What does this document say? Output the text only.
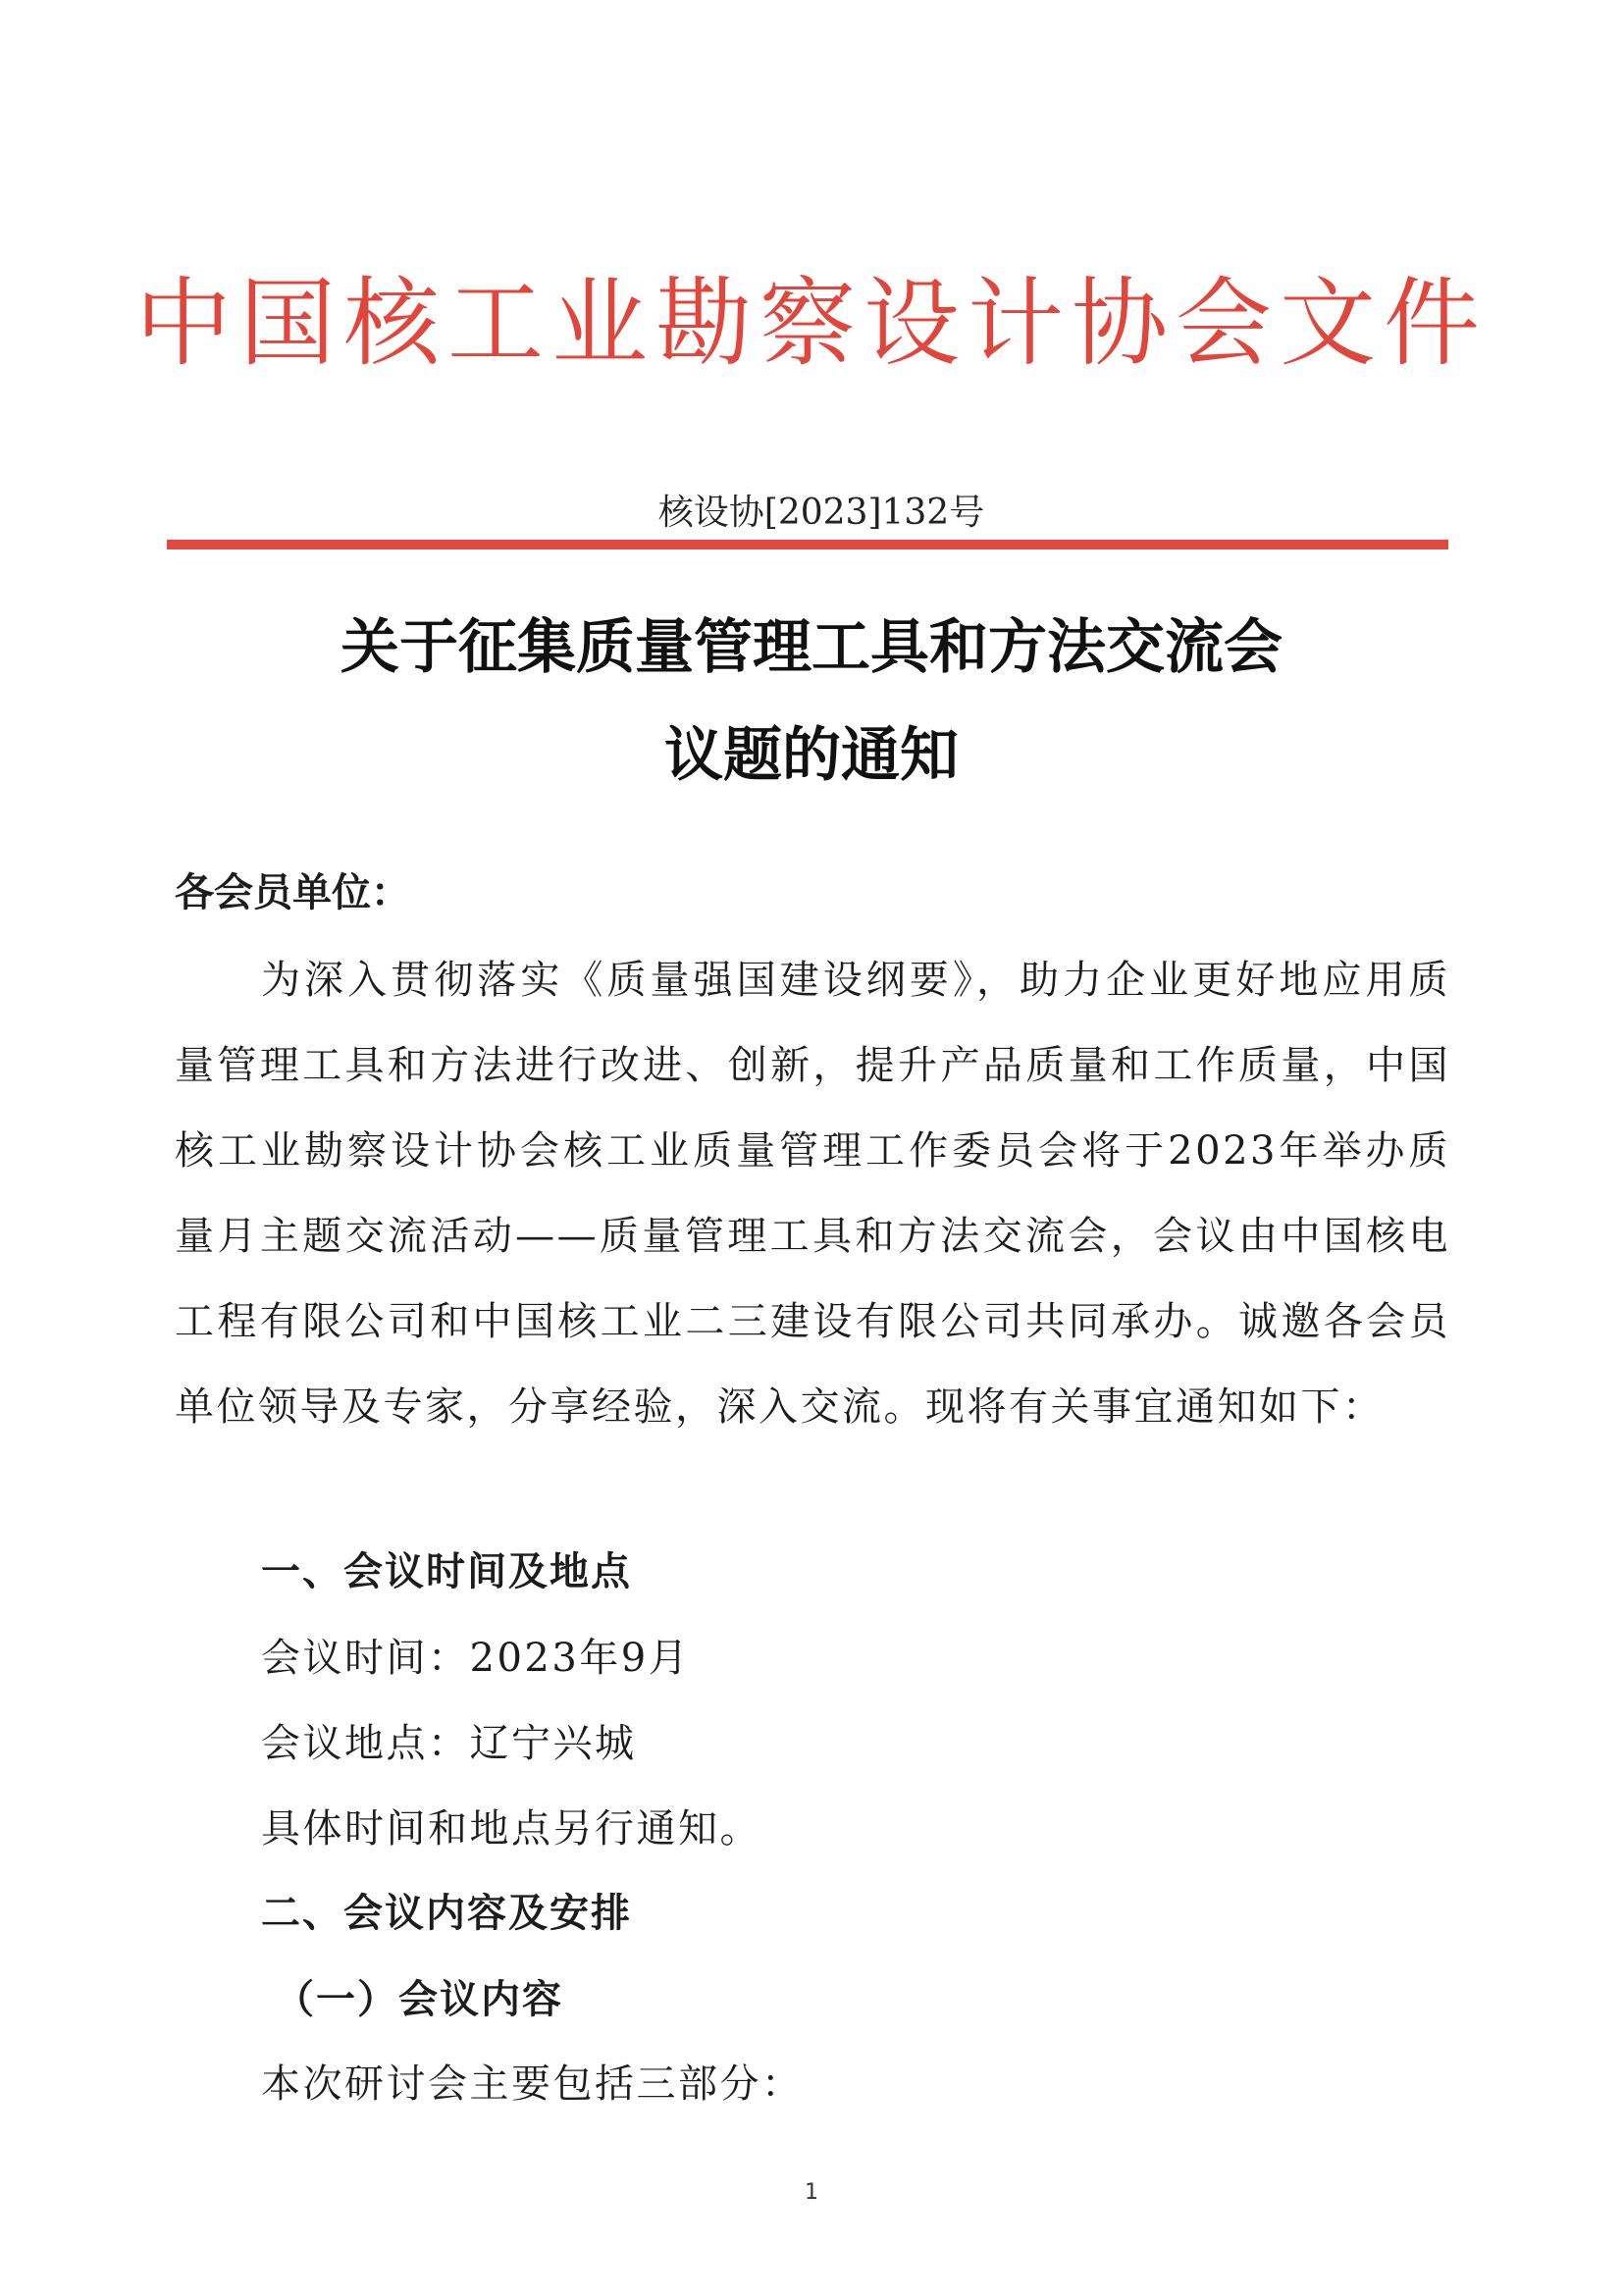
中国核工业勘察设计协会文件
核设协[2023]132号
关于征集质量管理工具和方法交流会
议题的通知
各会员单位：
为深入贯彻落实《质量强国建设纲要》，助力企业更好地应用质量管理工具和方法进行改进、创新，提升产品质量和工作质量，中国核工业勘察设计协会核工业质量管理工作委员会将于2023年举办质量月主题交流活动——质量管理工具和方法交流会，会议由中国核电工程有限公司和中国核工业二三建设有限公司共同承办。诚邀各会员单位领导及专家，分享经验，深入交流。现将有关事宜通知如下：
一、会议时间及地点
会议时间：2023年9月
会议地点：辽宁兴城
具体时间和地点另行通知。
二、会议内容及安排
（一）会议内容
本次研讨会主要包括三部分：
1
